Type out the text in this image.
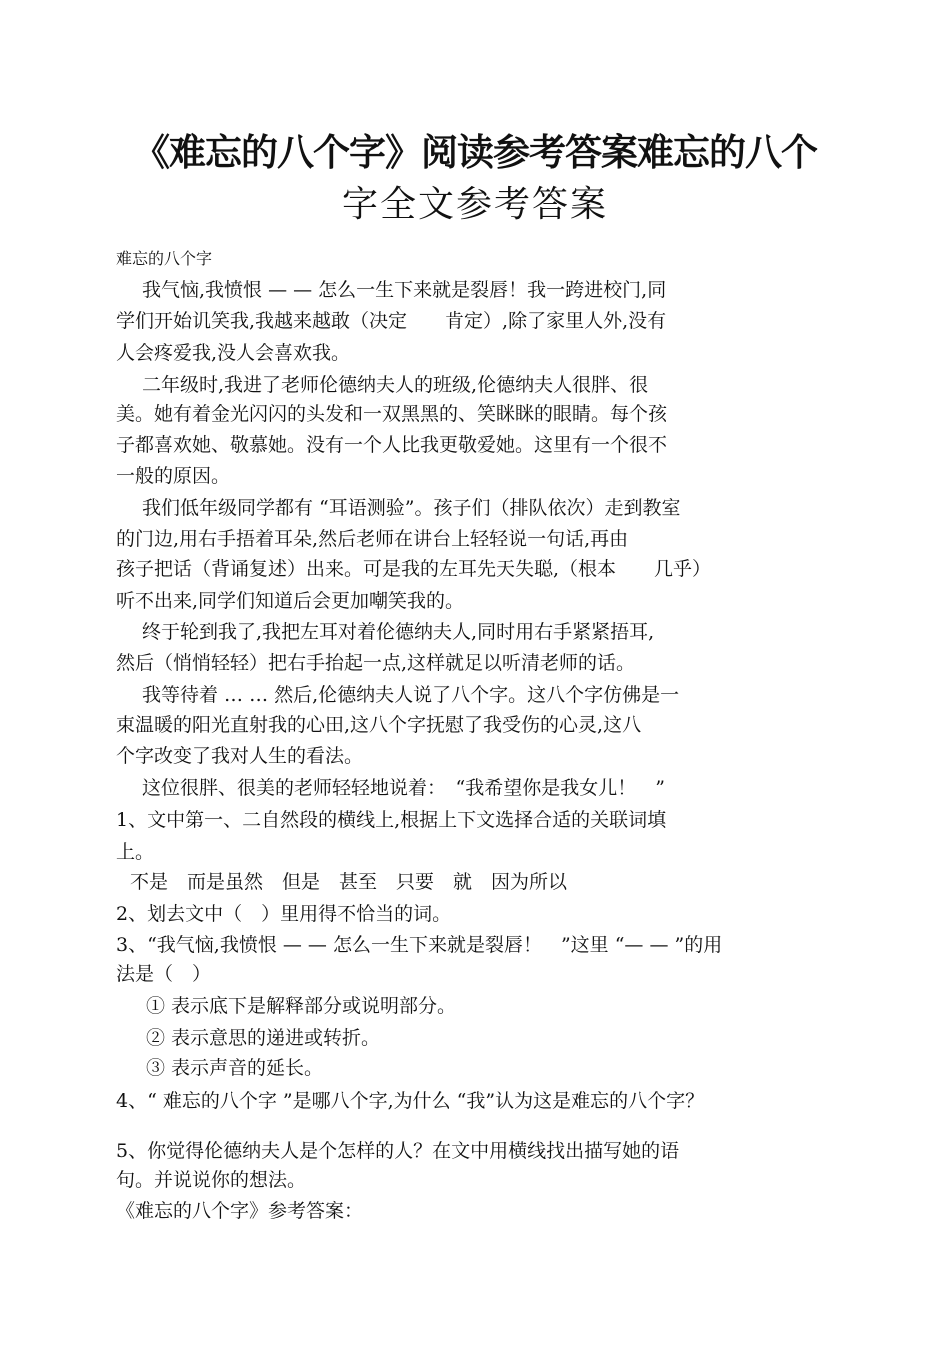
《难忘的八个字》阅读参考答案难忘的八个
字全文参考答案
难忘的八个字
我气恼,我愤恨 — — 怎么一生下来就是裂唇！我一跨进校门,同
学们开始讥笑我,我越来越敢（决定　　肯定）,除了家里人外,没有
人会疼爱我,没人会喜欢我。
二年级时,我进了老师伦德纳夫人的班级,伦德纳夫人很胖、很
美。她有着金光闪闪的头发和一双黑黑的、笑眯眯的眼睛。每个孩
子都喜欢她、敬慕她。没有一个人比我更敬爱她。这里有一个很不
一般的原因。
我们低年级同学都有 “耳语测验”。孩子们（排队依次）走到教室
的门边,用右手捂着耳朵,然后老师在讲台上轻轻说一句话,再由
孩子把话（背诵复述）出来。可是我的左耳先天失聪,（根本　　几乎）
听不出来,同学们知道后会更加嘲笑我的。
终于轮到我了,我把左耳对着伦德纳夫人,同时用右手紧紧捂耳,
然后（悄悄轻轻）把右手抬起一点,这样就足以听清老师的话。
我等待着 … … 然后,伦德纳夫人说了八个字。这八个字仿佛是一
束温暖的阳光直射我的心田,这八个字抚慰了我受伤的心灵,这八
个字改变了我对人生的看法。
这位很胖、很美的老师轻轻地说着：　“我希望你是我女儿！　”
1、文中第一、二自然段的横线上,根据上下文选择合适的关联词填
上。
不是　而是虽然　但是　甚至　只要　就　因为所以
2、划去文中（　）里用得不恰当的词。
3、“我气恼,我愤恨 — — 怎么一生下来就是裂唇！　”这里 “— — ”的用
法是（　）
① 表示底下是解释部分或说明部分。
② 表示意思的递进或转折。
③ 表示声音的延长。
4、“ 难忘的八个字 ”是哪八个字,为什么 “我”认为这是难忘的八个字？
5、你觉得伦德纳夫人是个怎样的人？在文中用横线找出描写她的语
句。并说说你的想法。
《难忘的八个字》参考答案：
